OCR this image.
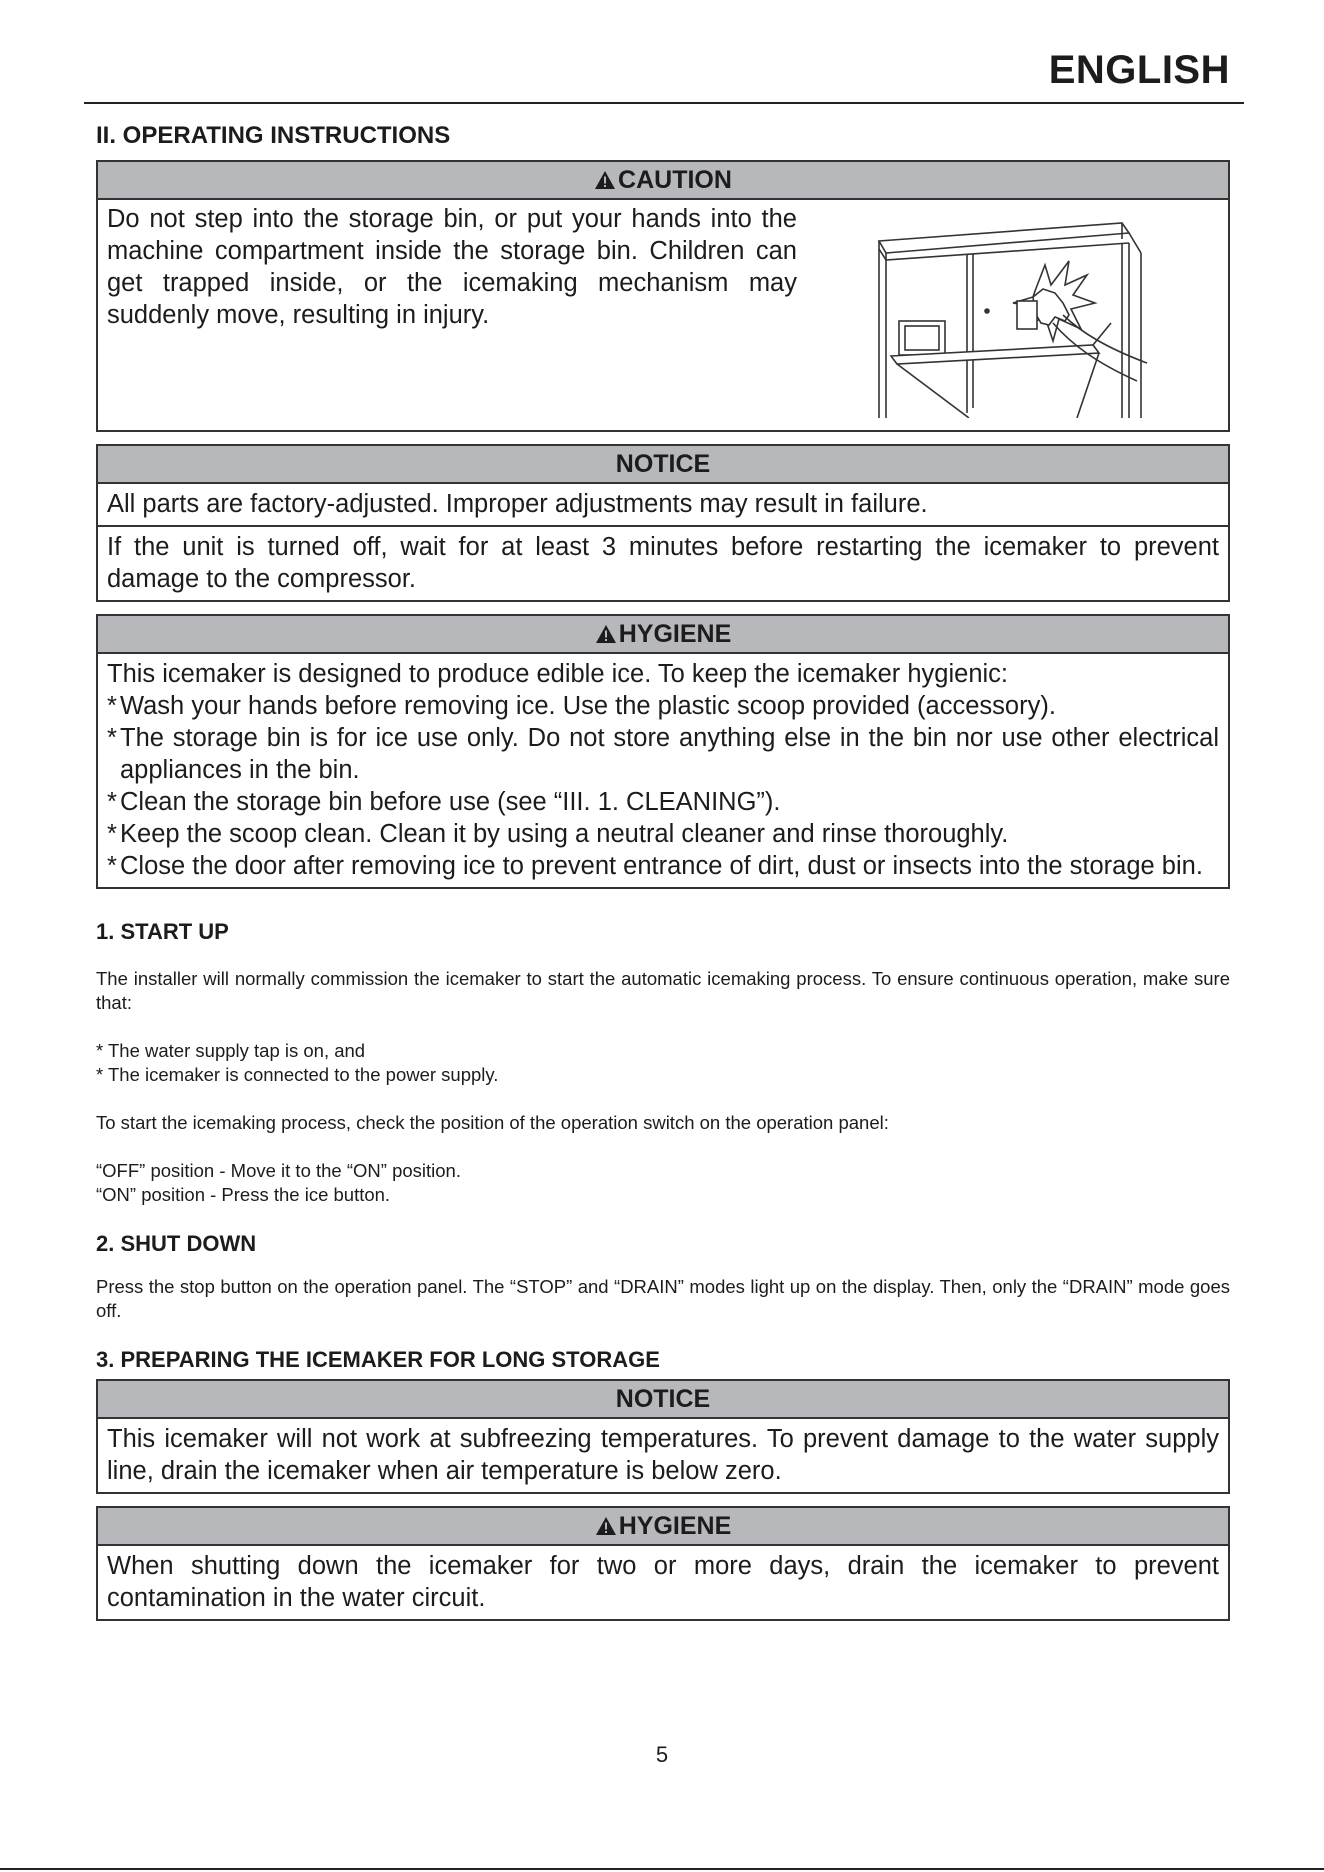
ENGLISH
II. OPERATING INSTRUCTIONS
CAUTION
Do not step into the storage bin, or put your hands into the machine compartment inside the storage bin. Children can get trapped inside, or the icemaking mechanism may suddenly move, resulting in injury.
NOTICE
All parts are factory-adjusted. Improper adjustments may result in failure.
If the unit is turned off, wait for at least 3 minutes before restarting the icemaker to prevent damage to the compressor.
HYGIENE
This icemaker is designed to produce edible ice. To keep the icemaker hygienic:
* Wash your hands before removing ice. Use the plastic scoop provided (accessory).
* The storage bin is for ice use only. Do not store anything else in the bin nor use other electrical appliances in the bin.
* Clean the storage bin before use (see “III. 1. CLEANING”).
* Keep the scoop clean. Clean it by using a neutral cleaner and rinse thoroughly.
* Close the door after removing ice to prevent entrance of dirt, dust or insects into the storage bin.
1. START UP

The installer will normally commission the icemaker to start the automatic icemaking process. To ensure continuous operation, make sure that:

* The water supply tap is on, and

* The icemaker is connected to the power supply.

To start the icemaking process, check the position of the operation switch on the operation panel:

“OFF” position - Move it to the “ON” position.

“ON” position - Press the ice button.

2. SHUT DOWN

Press the stop button on the operation panel. The “STOP” and “DRAIN” modes light up on the display. Then, only the “DRAIN” mode goes off.

3. PREPARING THE ICEMAKER FOR LONG STORAGE
NOTICE
This icemaker will not work at subfreezing temperatures. To prevent damage to the water supply line, drain the icemaker when air temperature is below zero.
HYGIENE
When shutting down the icemaker for two or more days, drain the icemaker to prevent contamination in the water circuit.
5
